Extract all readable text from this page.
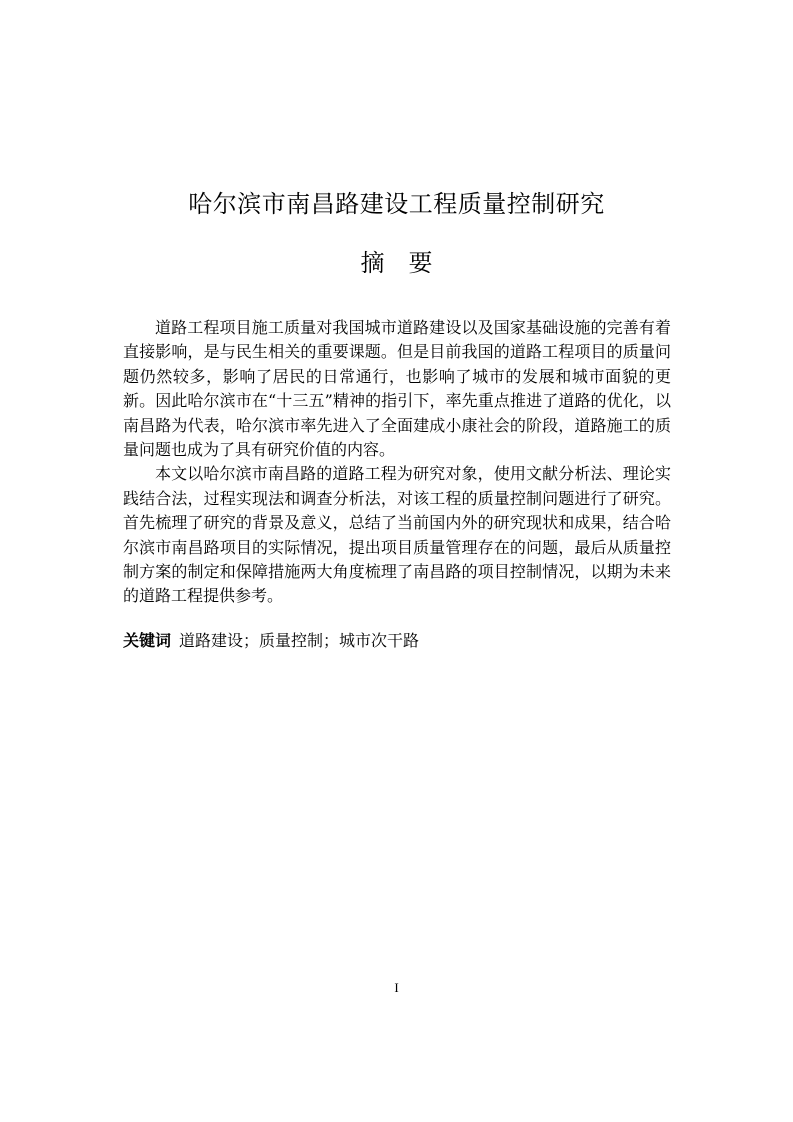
哈尔滨市南昌路建设工程质量控制研究
摘要

道路工程项目施工质量对我国城市道路建设以及国家基础设施的完善有着直接影响，是与民生相关的重要课题。但是目前我国的道路工程项目的质量问题仍然较多，影响了居民的日常通行，也影响了城市的发展和城市面貌的更新。因此哈尔滨市在“十三五”精神的指引下，率先重点推进了道路的优化，以南昌路为代表，哈尔滨市率先进入了全面建成小康社会的阶段，道路施工的质量问题也成为了具有研究价值的内容。

本文以哈尔滨市南昌路的道路工程为研究对象，使用文献分析法、理论实践结合法，过程实现法和调查分析法，对该工程的质量控制问题进行了研究。首先梳理了研究的背景及意义，总结了当前国内外的研究现状和成果，结合哈尔滨市南昌路项目的实际情况，提出项目质量管理存在的问题，最后从质量控制方案的制定和保障措施两大角度梳理了南昌路的项目控制情况，以期为未来的道路工程提供参考。

关键词 道路建设；质量控制；城市次干路

I
